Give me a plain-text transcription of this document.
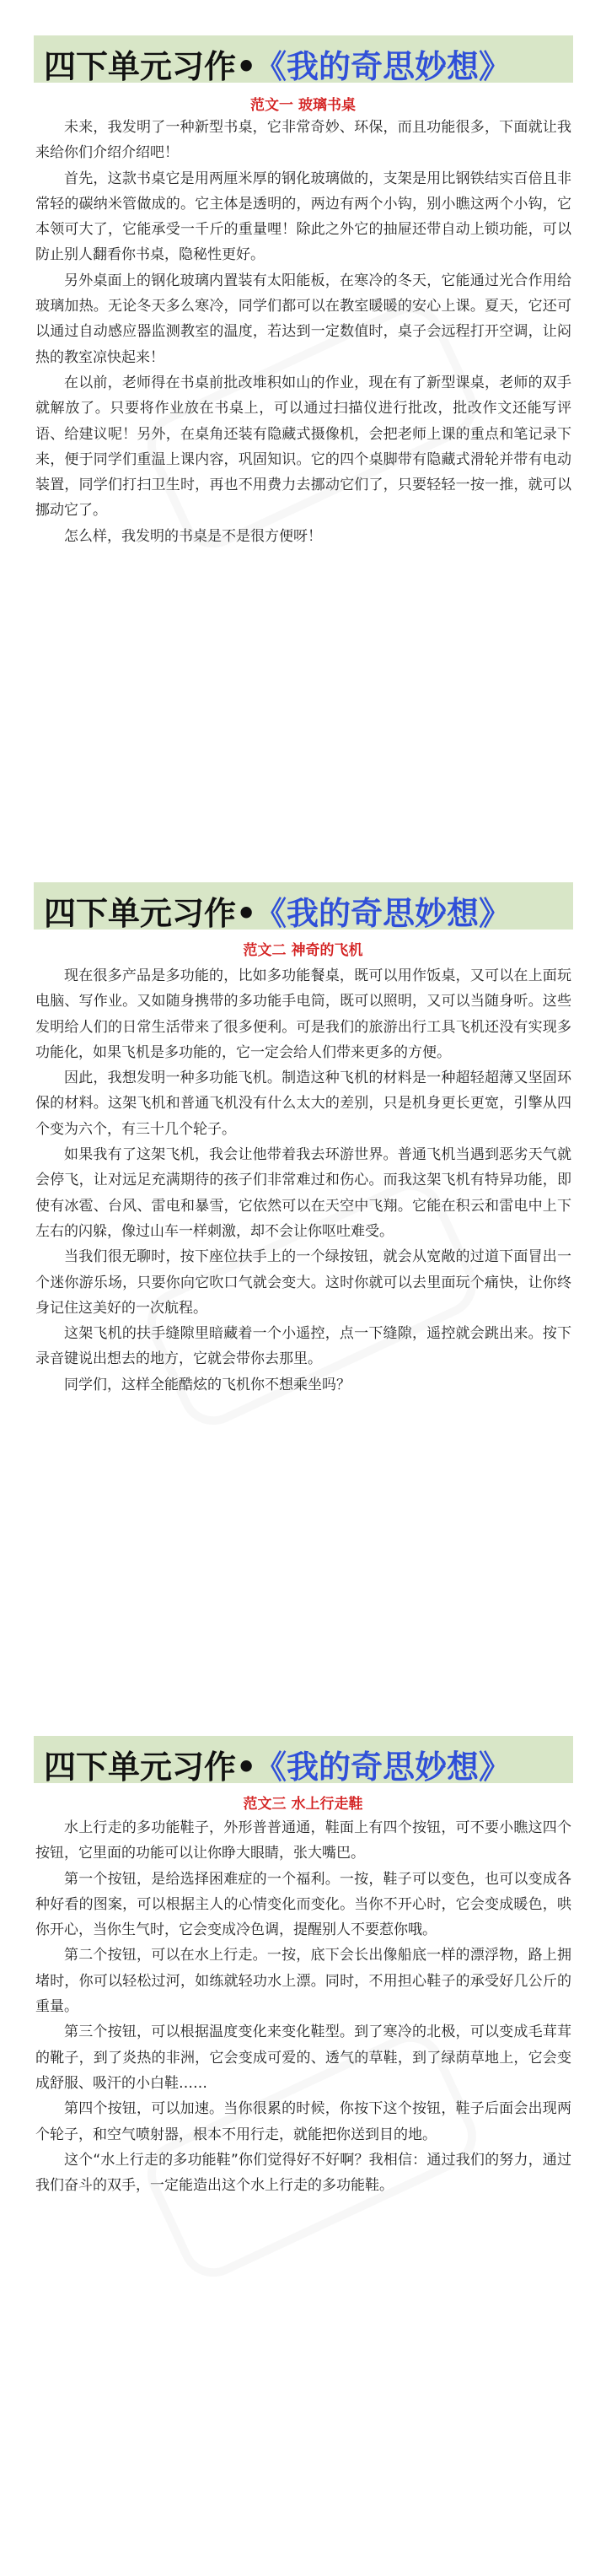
四下单元习作•
《我的奇思妙想》
范文一 玻璃书桌

未来，我发明了一种新型书桌，它非常奇妙、环保，而且功能很多，下面就让我来给你们介绍介绍吧！

首先，这款书桌它是用两厘米厚的钢化玻璃做的，支架是用比钢铁结实百倍且非常轻的碳纳米管做成的。它主体是透明的，两边有两个小钩，别小瞧这两个小钩，它本领可大了，它能承受一千斤的重量哩！除此之外它的抽屉还带自动上锁功能，可以防止别人翻看你书桌，隐秘性更好。

另外桌面上的钢化玻璃内置装有太阳能板，在寒冷的冬天，它能通过光合作用给玻璃加热。无论冬天多么寒冷，同学们都可以在教室暖暖的安心上课。夏天，它还可以通过自动感应器监测教室的温度，若达到一定数值时，桌子会远程打开空调，让闷热的教室凉快起来！

在以前，老师得在书桌前批改堆积如山的作业，现在有了新型课桌，老师的双手就解放了。只要将作业放在书桌上，可以通过扫描仪进行批改，批改作文还能写评语、给建议呢！另外，在桌角还装有隐藏式摄像机，会把老师上课的重点和笔记录下来，便于同学们重温上课内容，巩固知识。它的四个桌脚带有隐藏式滑轮并带有电动装置，同学们打扫卫生时，再也不用费力去挪动它们了，只要轻轻一按一推，就可以挪动它了。

怎么样，我发明的书桌是不是很方便呀！

四下单元习作•
《我的奇思妙想》
范文二 神奇的飞机

现在很多产品是多功能的，比如多功能餐桌，既可以用作饭桌，又可以在上面玩电脑、写作业。又如随身携带的多功能手电筒，既可以照明，又可以当随身听。这些发明给人们的日常生活带来了很多便利。可是我们的旅游出行工具飞机还没有实现多功能化，如果飞机是多功能的，它一定会给人们带来更多的方便。

因此，我想发明一种多功能飞机。制造这种飞机的材料是一种超轻超薄又坚固环保的材料。这架飞机和普通飞机没有什么太大的差别，只是机身更长更宽，引擎从四个变为六个，有三十几个轮子。

如果我有了这架飞机，我会让他带着我去环游世界。普通飞机当遇到恶劣天气就会停飞，让对远足充满期待的孩子们非常难过和伤心。而我这架飞机有特异功能，即使有冰雹、台风、雷电和暴雪，它依然可以在天空中飞翔。它能在积云和雷电中上下左右的闪躲，像过山车一样刺激，却不会让你呕吐难受。

当我们很无聊时，按下座位扶手上的一个绿按钮，就会从宽敞的过道下面冒出一个迷你游乐场，只要你向它吹口气就会变大。这时你就可以去里面玩个痛快，让你终身记住这美好的一次航程。

这架飞机的扶手缝隙里暗藏着一个小遥控，点一下缝隙，遥控就会跳出来。按下录音键说出想去的地方，它就会带你去那里。

同学们，这样全能酷炫的飞机你不想乘坐吗？

四下单元习作•
《我的奇思妙想》
范文三 水上行走鞋

水上行走的多功能鞋子，外形普普通通，鞋面上有四个按钮，可不要小瞧这四个按钮，它里面的功能可以让你睁大眼睛，张大嘴巴。

第一个按钮，是给选择困难症的一个福利。一按，鞋子可以变色，也可以变成各种好看的图案，可以根据主人的心情变化而变化。当你不开心时，它会变成暖色，哄你开心，当你生气时，它会变成冷色调，提醒别人不要惹你哦。

第二个按钮，可以在水上行走。一按，底下会长出像船底一样的漂浮物，路上拥堵时，你可以轻松过河，如练就轻功水上漂。同时，不用担心鞋子的承受好几公斤的重量。

第三个按钮，可以根据温度变化来变化鞋型。到了寒冷的北极，可以变成毛茸茸的靴子，到了炎热的非洲，它会变成可爱的、透气的草鞋，到了绿荫草地上，它会变成舒服、吸汗的小白鞋……

第四个按钮，可以加速。当你很累的时候，你按下这个按钮，鞋子后面会出现两个轮子，和空气喷射器，根本不用行走，就能把你送到目的地。

这个“水上行走的多功能鞋”你们觉得好不好啊？我相信：通过我们的努力，通过我们奋斗的双手，一定能造出这个水上行走的多功能鞋。
